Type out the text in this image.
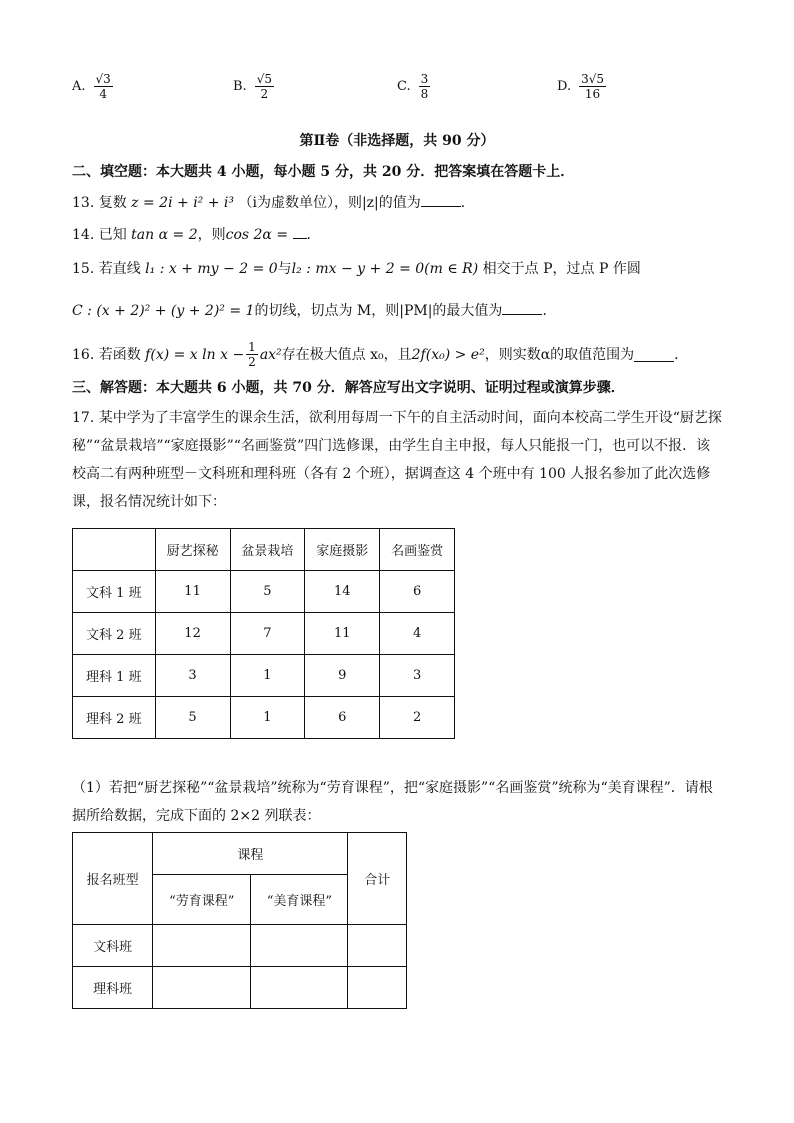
A. $\frac{√3}{4}$	B. $\frac{√5}{2}$	C. $\frac{3}{8}$	D. $\frac{3√5}{16}$
第Ⅱ卷（非选择题，共 90 分）
二、填空题：本大题共 4 小题，每小题 5 分，共 20 分．把答案填在答题卡上．
13. 复数 z = 2i + i² + i³ （i为虚数单位），则|z|的值为	．
14. 已知 tan α = 2，则cos 2α = ．
15. 若直线 l₁ : x + my − 2 = 0与l₂ : mx − y + 2 = 0(m ∈ R) 相交于点 P，过点 P 作圆
C : (x + 2)² + (y + 2)² = 1的切线，切点为 M，则|PM|的最大值为	．
16. 若函数
f(x) = x $\ln x - \frac{1}{2} ax^2$ 存在极大值点 x₀，且 2f(x₀) > e² ，则实数α的取值范围为	．
三、解答题：本大题共 6 小题，共 70 分．解答应写出文字说明、证明过程或演算步骤．
17. 某中学为了丰富学生的课余生活，欲利用每周一下午的自主活动时间，面向本校高二学生开设“厨艺探秘”“盆景栽培”“家庭摄影”“名画鉴赏”四门选修课，由学生自主申报，每人只能报一门，也可以不报．该校高二有两种班型－文科班和理科班（各有 2 个班），据调查这 4 个班中有 100 人报名参加了此次选修课，报名情况统计如下：
	厨艺探秘	盆景栽培	家庭摄影	名画鉴赏
文科 1 班	11	5	14	6
文科 2 班	12	7	11	4
理科 1 班	3	1	9	3
理科 2 班	5	1	6	2
（1）若把“厨艺探秘”“盆景栽培”统称为“劳育课程”，把“家庭摄影”“名画鉴赏”统称为“美育课程”．请根据所给数据，完成下面的 2×2 列联表：
报名班型	课程		合计
	“劳育课程”	“美育课程”	
文科班			
理科班			
